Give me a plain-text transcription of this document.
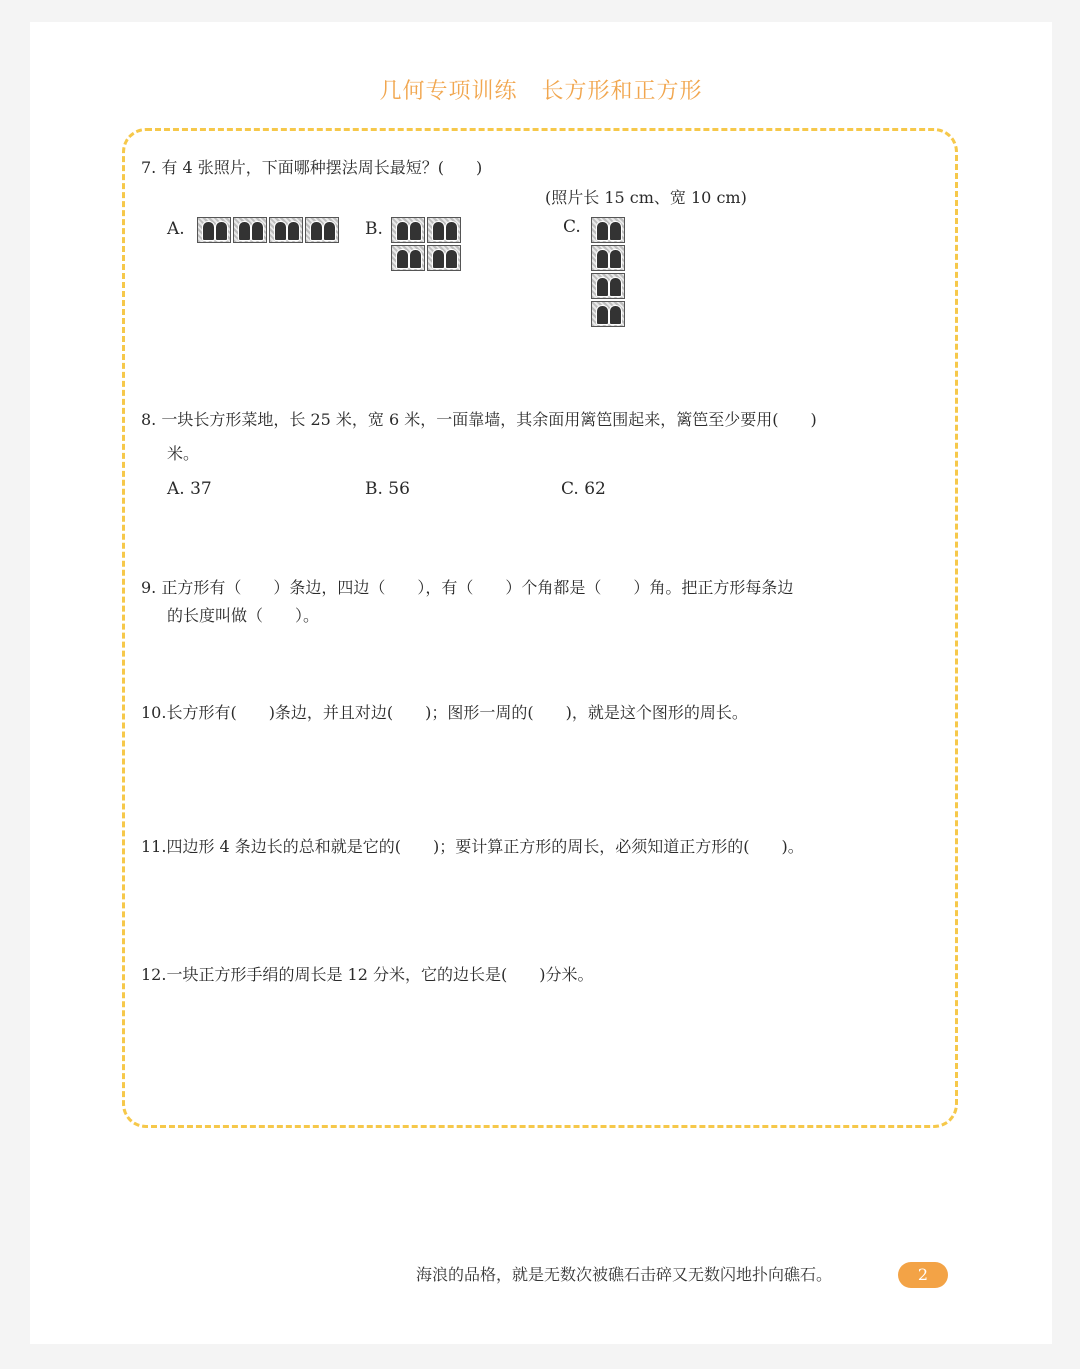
几何专项训练 长方形和正方形
7. 有 4 张照片，下面哪种摆法周长最短？(　　)
(照片长 15 cm、宽 10 cm)
A.	B.	C.
8. 一块长方形菜地，长 25 米，宽 6 米，一面靠墙，其余面用篱笆围起来，篱笆至少要用(　　)
米。
A. 37	B. 56	C. 62
9. 正方形有（　　）条边，四边（　　），有（　　）个角都是（　　）角。把正方形每条边
的长度叫做（　　）。
10.长方形有(　　)条边，并且对边(　　)；图形一周的(　　)，就是这个图形的周长。
11.四边形 4 条边长的总和就是它的(　　)；要计算正方形的周长，必须知道正方形的(　　)。
12.一块正方形手绢的周长是 12 分米，它的边长是(　　)分米。
海浪的品格，就是无数次被礁石击碎又无数闪地扑向礁石。	2
